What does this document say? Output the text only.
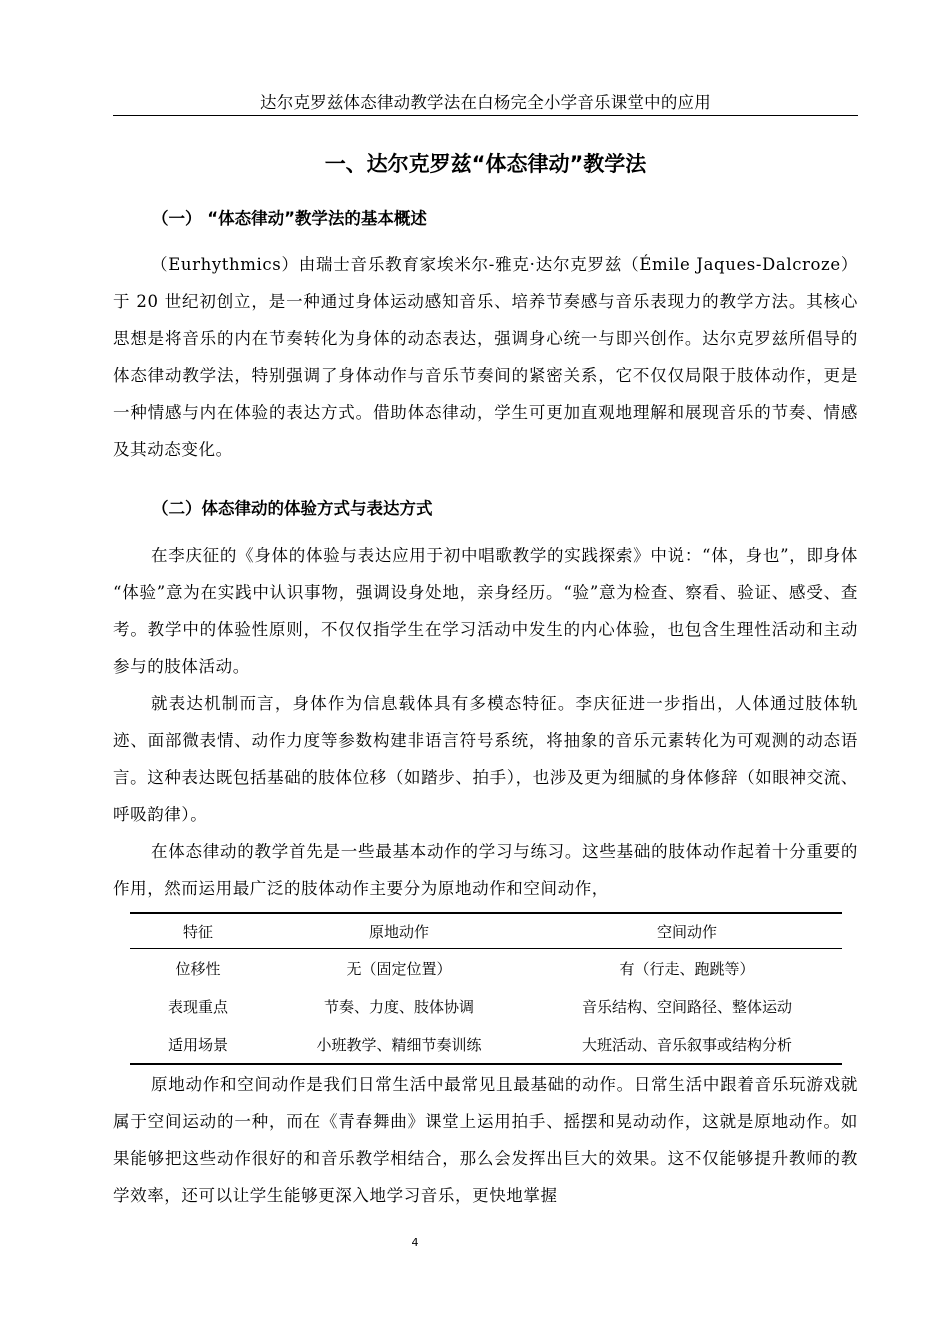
达尔克罗兹体态律动教学法在白杨完全小学音乐课堂中的应用
一、达尔克罗兹“体态律动”教学法
（一） “体态律动”教学法的基本概述

（Eurhythmics）由瑞士音乐教育家埃米尔-雅克·达尔克罗兹（Émile Jaques-Dalcroze）于 20 世纪初创立，是一种通过身体运动感知音乐、培养节奏感与音乐表现力的教学方法。其核心思想是将音乐的内在节奏转化为身体的动态表达，强调身心统一与即兴创作。达尔克罗兹所倡导的体态律动教学法，特别强调了身体动作与音乐节奏间的紧密关系，它不仅仅局限于肢体动作，更是一种情感与内在体验的表达方式。借助体态律动，学生可更加直观地理解和展现音乐的节奏、情感及其动态变化。

（二）体态律动的体验方式与表达方式

在李庆征的《身体的体验与表达应用于初中唱歌教学的实践探索》中说：“体，身也”，即身体 “体验”意为在实践中认识事物，强调设身处地，亲身经历。“验”意为检查、察看、验证、感受、查考。教学中的体验性原则，不仅仅指学生在学习活动中发生的内心体验，也包含生理性活动和主动参与的肢体活动。

就表达机制而言，身体作为信息载体具有多模态特征。李庆征进一步指出，人体通过肢体轨迹、面部微表情、动作力度等参数构建非语言符号系统，将抽象的音乐元素转化为可观测的动态语言。这种表达既包括基础的肢体位移（如踏步、拍手），也涉及更为细腻的身体修辞（如眼神交流、呼吸韵律）。

在体态律动的教学首先是一些最基本动作的学习与练习。这些基础的肢体动作起着十分重要的作用，然而运用最广泛的肢体动作主要分为原地动作和空间动作，

特征	原地动作	空间动作
位移性	无（固定位置）	有（行走、跑跳等）
表现重点	节奏、力度、肢体协调	音乐结构、空间路径、整体运动
适用场景	小班教学、精细节奏训练	大班活动、音乐叙事或结构分析

原地动作和空间动作是我们日常生活中最常见且最基础的动作。日常生活中跟着音乐玩游戏就属于空间运动的一种，而在《青春舞曲》课堂上运用拍手、摇摆和晃动动作，这就是原地动作。如果能够把这些动作很好的和音乐教学相结合，那么会发挥出巨大的效果。这不仅能够提升教师的教学效率，还可以让学生能够更深入地学习音乐，更快地掌握

4
